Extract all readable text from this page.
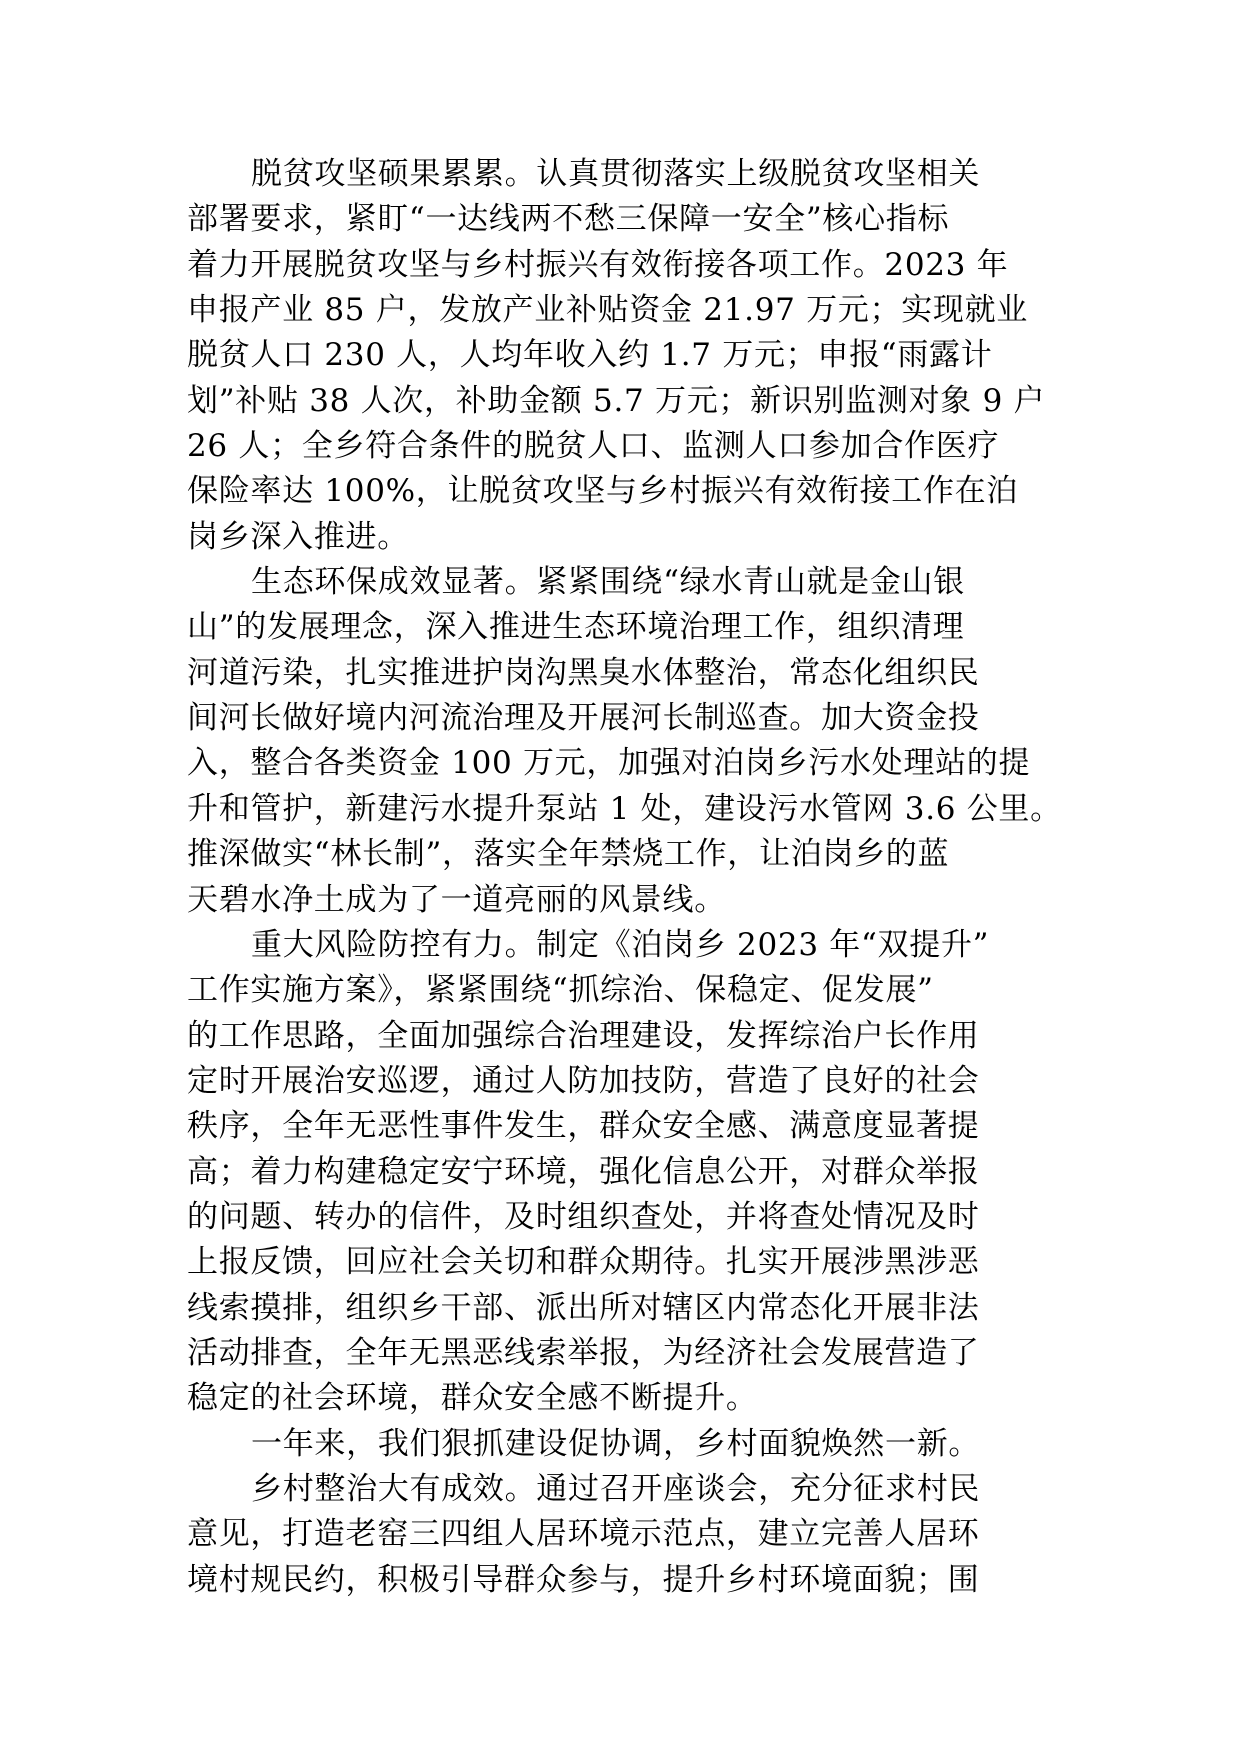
脱贫攻坚硕果累累。认真贯彻落实上级脱贫攻坚相关
部署要求，紧盯“一达线两不愁三保障一安全”核心指标
着力开展脱贫攻坚与乡村振兴有效衔接各项工作。2023 年
申报产业 85 户，发放产业补贴资金 21.97 万元；实现就业
脱贫人口 230 人，人均年收入约 1.7 万元；申报“雨露计
划”补贴 38 人次，补助金额 5.7 万元；新识别监测对象 9 户
26 人；全乡符合条件的脱贫人口、监测人口参加合作医疗
保险率达 100%，让脱贫攻坚与乡村振兴有效衔接工作在泊
岗乡深入推进。

生态环保成效显著。紧紧围绕“绿水青山就是金山银
山”的发展理念，深入推进生态环境治理工作，组织清理
河道污染，扎实推进护岗沟黑臭水体整治，常态化组织民
间河长做好境内河流治理及开展河长制巡查。加大资金投
入，整合各类资金 100 万元，加强对泊岗乡污水处理站的提
升和管护，新建污水提升泵站 1 处，建设污水管网 3.6 公里。
推深做实“林长制”，落实全年禁烧工作，让泊岗乡的蓝
天碧水净土成为了一道亮丽的风景线。

重大风险防控有力。制定《泊岗乡 2023 年“双提升”
工作实施方案》，紧紧围绕“抓综治、保稳定、促发展”
的工作思路，全面加强综合治理建设，发挥综治户长作用
定时开展治安巡逻，通过人防加技防，营造了良好的社会
秩序，全年无恶性事件发生，群众安全感、满意度显著提
高；着力构建稳定安宁环境，强化信息公开，对群众举报
的问题、转办的信件，及时组织查处，并将查处情况及时
上报反馈，回应社会关切和群众期待。扎实开展涉黑涉恶
线索摸排，组织乡干部、派出所对辖区内常态化开展非法
活动排查，全年无黑恶线索举报，为经济社会发展营造了
稳定的社会环境，群众安全感不断提升。

一年来，我们狠抓建设促协调，乡村面貌焕然一新。

乡村整治大有成效。通过召开座谈会，充分征求村民
意见，打造老窑三四组人居环境示范点，建立完善人居环
境村规民约，积极引导群众参与，提升乡村环境面貌；围
